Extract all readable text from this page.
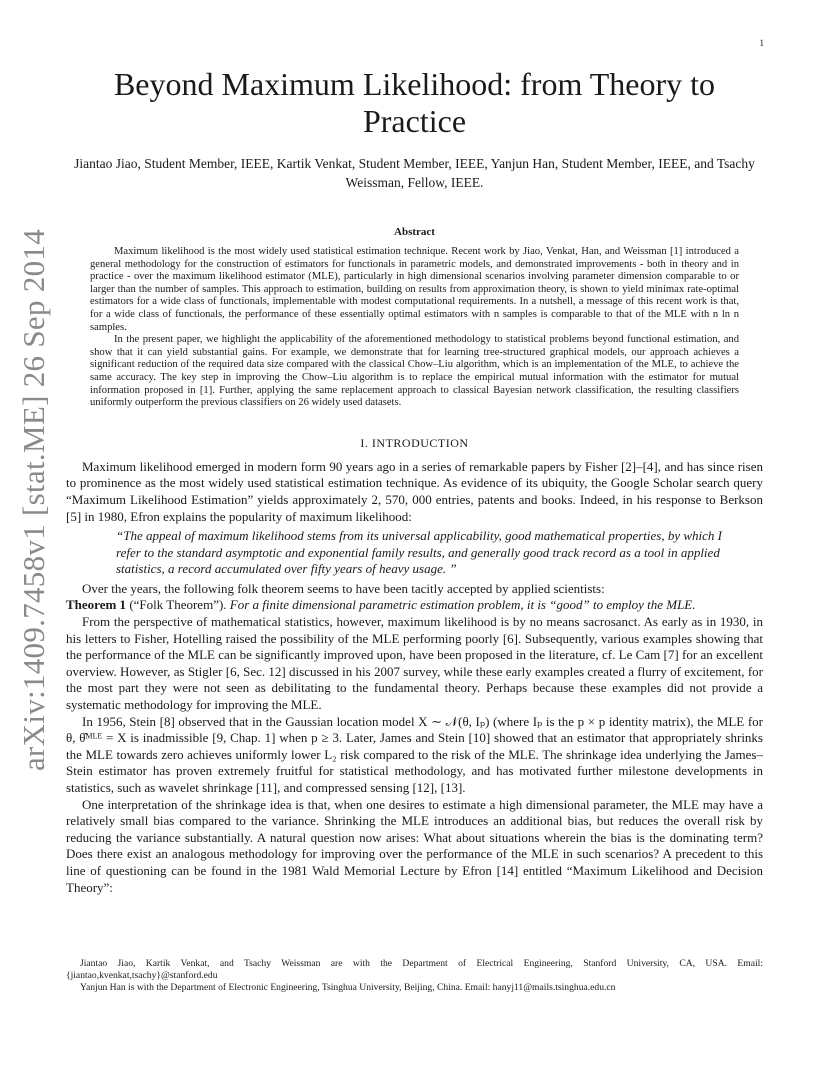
1
arXiv:1409.7458v1 [stat.ME] 26 Sep 2014
Beyond Maximum Likelihood: from Theory to Practice
Jiantao Jiao, Student Member, IEEE, Kartik Venkat, Student Member, IEEE, Yanjun Han, Student Member, IEEE, and Tsachy Weissman, Fellow, IEEE.
Abstract

Maximum likelihood is the most widely used statistical estimation technique. Recent work by Jiao, Venkat, Han, and Weissman [1] introduced a general methodology for the construction of estimators for functionals in parametric models, and demonstrated improvements - both in theory and in practice - over the maximum likelihood estimator (MLE), particularly in high dimensional scenarios involving parameter dimension comparable to or larger than the number of samples. This approach to estimation, building on results from approximation theory, is shown to yield minimax rate-optimal estimators for a wide class of functionals, implementable with modest computational requirements. In a nutshell, a message of this recent work is that, for a wide class of functionals, the performance of these essentially optimal estimators with n samples is comparable to that of the MLE with n ln n samples.

In the present paper, we highlight the applicability of the aforementioned methodology to statistical problems beyond functional estimation, and show that it can yield substantial gains. For example, we demonstrate that for learning tree-structured graphical models, our approach achieves a significant reduction of the required data size compared with the classical Chow–Liu algorithm, which is an implementation of the MLE, to achieve the same accuracy. The key step in improving the Chow–Liu algorithm is to replace the empirical mutual information with the estimator for mutual information proposed in [1]. Further, applying the same replacement approach to classical Bayesian network classification, the resulting classifiers uniformly outperform the previous classifiers on 26 widely used datasets.

I. INTRODUCTION

Maximum likelihood emerged in modern form 90 years ago in a series of remarkable papers by Fisher [2]–[4], and has since risen to prominence as the most widely used statistical estimation technique. As evidence of its ubiquity, the Google Scholar search query “Maximum Likelihood Estimation” yields approximately 2, 570, 000 entries, patents and books. Indeed, in his response to Berkson [5] in 1980, Efron explains the popularity of maximum likelihood:

“The appeal of maximum likelihood stems from its universal applicability, good mathematical properties, by which I refer to the standard asymptotic and exponential family results, and generally good track record as a tool in applied statistics, a record accumulated over fifty years of heavy usage. ”

Over the years, the following folk theorem seems to have been tacitly accepted by applied scientists:

Theorem 1 (“Folk Theorem”). For a finite dimensional parametric estimation problem, it is “good” to employ the MLE.

From the perspective of mathematical statistics, however, maximum likelihood is by no means sacrosanct. As early as in 1930, in his letters to Fisher, Hotelling raised the possibility of the MLE performing poorly [6]. Subsequently, various examples showing that the performance of the MLE can be significantly improved upon, have been proposed in the literature, cf. Le Cam [7] for an excellent overview. However, as Stigler [6, Sec. 12] discussed in his 2007 survey, while these early examples created a flurry of excitement, for the most part they were not seen as debilitating to the fundamental theory. Perhaps because these examples did not provide a systematic methodology for improving the MLE.

In 1956, Stein [8] observed that in the Gaussian location model X ∼ 𝒩(θ, Iₚ) (where Iₚ is the p × p identity matrix), the MLE for θ, θ̂ᴹᴸᴱ = X is inadmissible [9, Chap. 1] when p ≥ 3. Later, James and Stein [10] showed that an estimator that appropriately shrinks the MLE towards zero achieves uniformly lower L₂ risk compared to the risk of the MLE. The shrinkage idea underlying the James–Stein estimator has proven extremely fruitful for statistical methodology, and has motivated further milestone developments in statistics, such as wavelet shrinkage [11], and compressed sensing [12], [13].

One interpretation of the shrinkage idea is that, when one desires to estimate a high dimensional parameter, the MLE may have a relatively small bias compared to the variance. Shrinking the MLE introduces an additional bias, but reduces the overall risk by reducing the variance substantially. A natural question now arises: What about situations wherein the bias is the dominating term? Does there exist an analogous methodology for improving over the performance of the MLE in such scenarios? A precedent to this line of questioning can be found in the 1981 Wald Memorial Lecture by Efron [14] entitled “Maximum Likelihood and Decision Theory”:

Jiantao Jiao, Kartik Venkat, and Tsachy Weissman are with the Department of Electrical Engineering, Stanford University, CA, USA. Email: {jiantao,kvenkat,tsachy}@stanford.edu

Yanjun Han is with the Department of Electronic Engineering, Tsinghua University, Beijing, China. Email: hanyj11@mails.tsinghua.edu.cn
